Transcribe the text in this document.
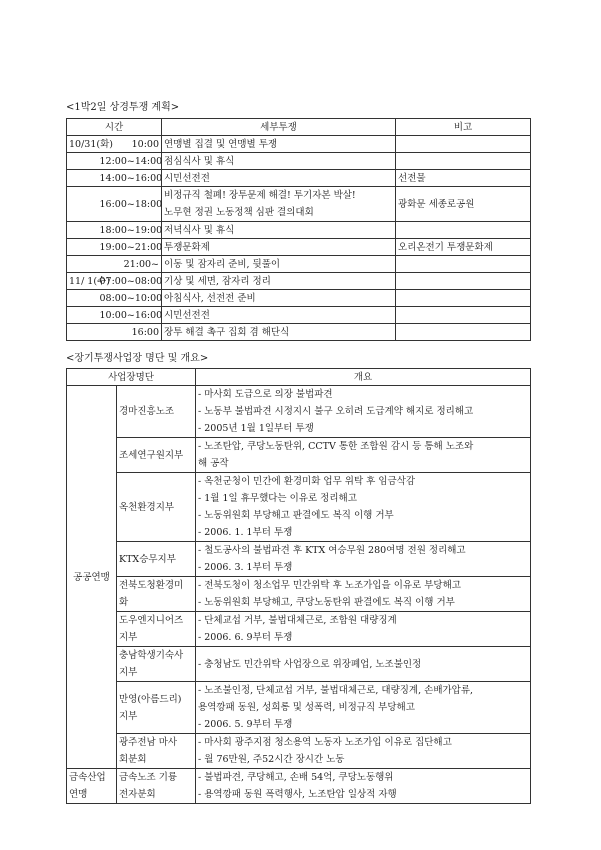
<1박2일 상경투쟁 계획>
시간		세부투쟁	비고
10/31(화)	10:00	연맹별 집결 및 연맹별 투쟁	
	12:00~14:00	점심식사 및 휴식	
	14:00~16:00	시민선전전	선전물
	16:00~18:00	비정규직 철폐! 장투문제 해결! 투기자본 박살!
노무현 정권 노동정책 심판 결의대회	광화문 세종로공원
	18:00~19:00	저녁식사 및 휴식	
	19:00~21:00	투쟁문화제	오리온전기 투쟁문화제
	21:00~	이동 및 잠자리 준비, 뒷풀이	
11/ 1(수)	07:00~08:00	기상 및 세면, 잠자리 정리	
	08:00~10:00	아침식사, 선전전 준비	
	10:00~16:00	시민선전전	
	16:00	장투 해결 촉구 집회 겸 해단식	
<장기투쟁사업장 명단 및 개요>
사업장명단		개요
공공연맹	경마진흥노조	- 마사회 도급으로 의장 불법파견
- 노동부 불법파견 시정지시 불구 오히려 도급계약 해지로 정리해고
- 2005년 1월 1일부터 투쟁

	조세연구원지부	- 노조탄압, 쿠당노동탄위, CCTV 통한 조합원 감시 등 통해 노조와
해 공작

	옥천환경지부	- 옥천군청이 민간에 환경미화 업무 위탁 후 임금삭감
- 1월 1일 휴무했다는 이유로 정리해고
- 노동위원회 부당해고 판결에도 복직 이행 거부
- 2006. 1. 1부터 투쟁

	KTX승무지부	- 철도공사의 불법파견 후 KTX 여승무원 280여명 전원 정리해고
- 2006. 3. 1부터 투쟁

	전북도청환경미
화	- 전북도청이 청소업무 민간위탁 후 노조가입을 이유로 부당해고
- 노동위원회 부당해고, 쿠당노동탄위 판결에도 복직 이행 거부

	도우엔지니어즈
지부	- 단체교섭 거부, 불법대체근로, 조합원 대량징계
- 2006. 6. 9부터 투쟁

	충남학생기숙사
지부	- 충청남도 민간위탁 사업장으로 위장폐업, 노조불인정

	만영(아름드리)
지부	- 노조불인정, 단체교섭 거부, 불법대체근로, 대량징계, 손배가압류,
용역깡패 동원, 성희롱 및 성폭력, 비정규직 부당해고
- 2006. 5. 9부터 투쟁

	광주전남 마사
회분회	- 마사회 광주지점 청소용역 노동자 노조가입 이유로 집단해고
- 월 76만원, 주52시간 장시간 노동

금속산업연맹	금속노조 기륭
전자분회	- 불법파견, 쿠당해고, 손배 54억, 쿠당노동행위
- 용역깡패 동원 폭력행사, 노조탄압 일상적 자행
